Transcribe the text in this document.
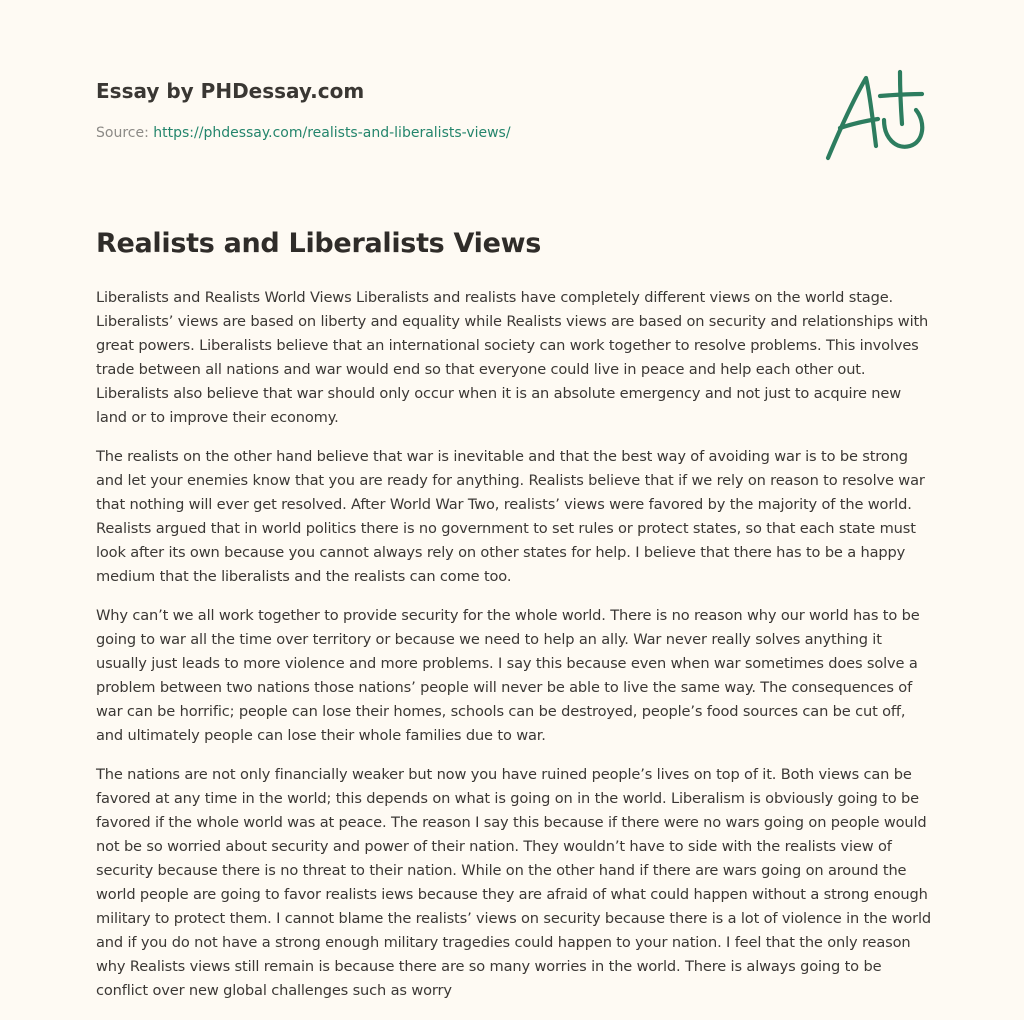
Essay by PHDessay.com
Source: https://phdessay.com/realists-and-liberalists-views/
Realists and Liberalists Views

Liberalists and Realists World Views Liberalists and realists have completely different views on the world stage. Liberalists’ views are based on liberty and equality while Realists views are based on security and relationships with great powers. Liberalists believe that an international society can work together to resolve problems. This involves trade between all nations and war would end so that everyone could live in peace and help each other out. Liberalists also believe that war should only occur when it is an absolute emergency and not just to acquire new land or to improve their economy.

The realists on the other hand believe that war is inevitable and that the best way of avoiding war is to be strong and let your enemies know that you are ready for anything. Realists believe that if we rely on reason to resolve war that nothing will ever get resolved. After World War Two, realists’ views were favored by the majority of the world. Realists argued that in world politics there is no government to set rules or protect states, so that each state must look after its own because you cannot always rely on other states for help. I believe that there has to be a happy medium that the liberalists and the realists can come too.

Why can’t we all work together to provide security for the whole world. There is no reason why our world has to be going to war all the time over territory or because we need to help an ally. War never really solves anything it usually just leads to more violence and more problems. I say this because even when war sometimes does solve a problem between two nations those nations’ people will never be able to live the same way. The consequences of war can be horrific; people can lose their homes, schools can be destroyed, people’s food sources can be cut off, and ultimately people can lose their whole families due to war.

The nations are not only financially weaker but now you have ruined people’s lives on top of it. Both views can be favored at any time in the world; this depends on what is going on in the world. Liberalism is obviously going to be favored if the whole world was at peace. The reason I say this because if there were no wars going on people would not be so worried about security and power of their nation. They wouldn’t have to side with the realists view of security because there is no threat to their nation. While on the other hand if there are wars going on around the world people are going to favor realists iews because they are afraid of what could happen without a strong enough military to protect them. I cannot blame the realists’ views on security because there is a lot of violence in the world and if you do not have a strong enough military tragedies could happen to your nation. I feel that the only reason why Realists views still remain is because there are so many worries in the world. There is always going to be conflict over new global challenges such as worry
